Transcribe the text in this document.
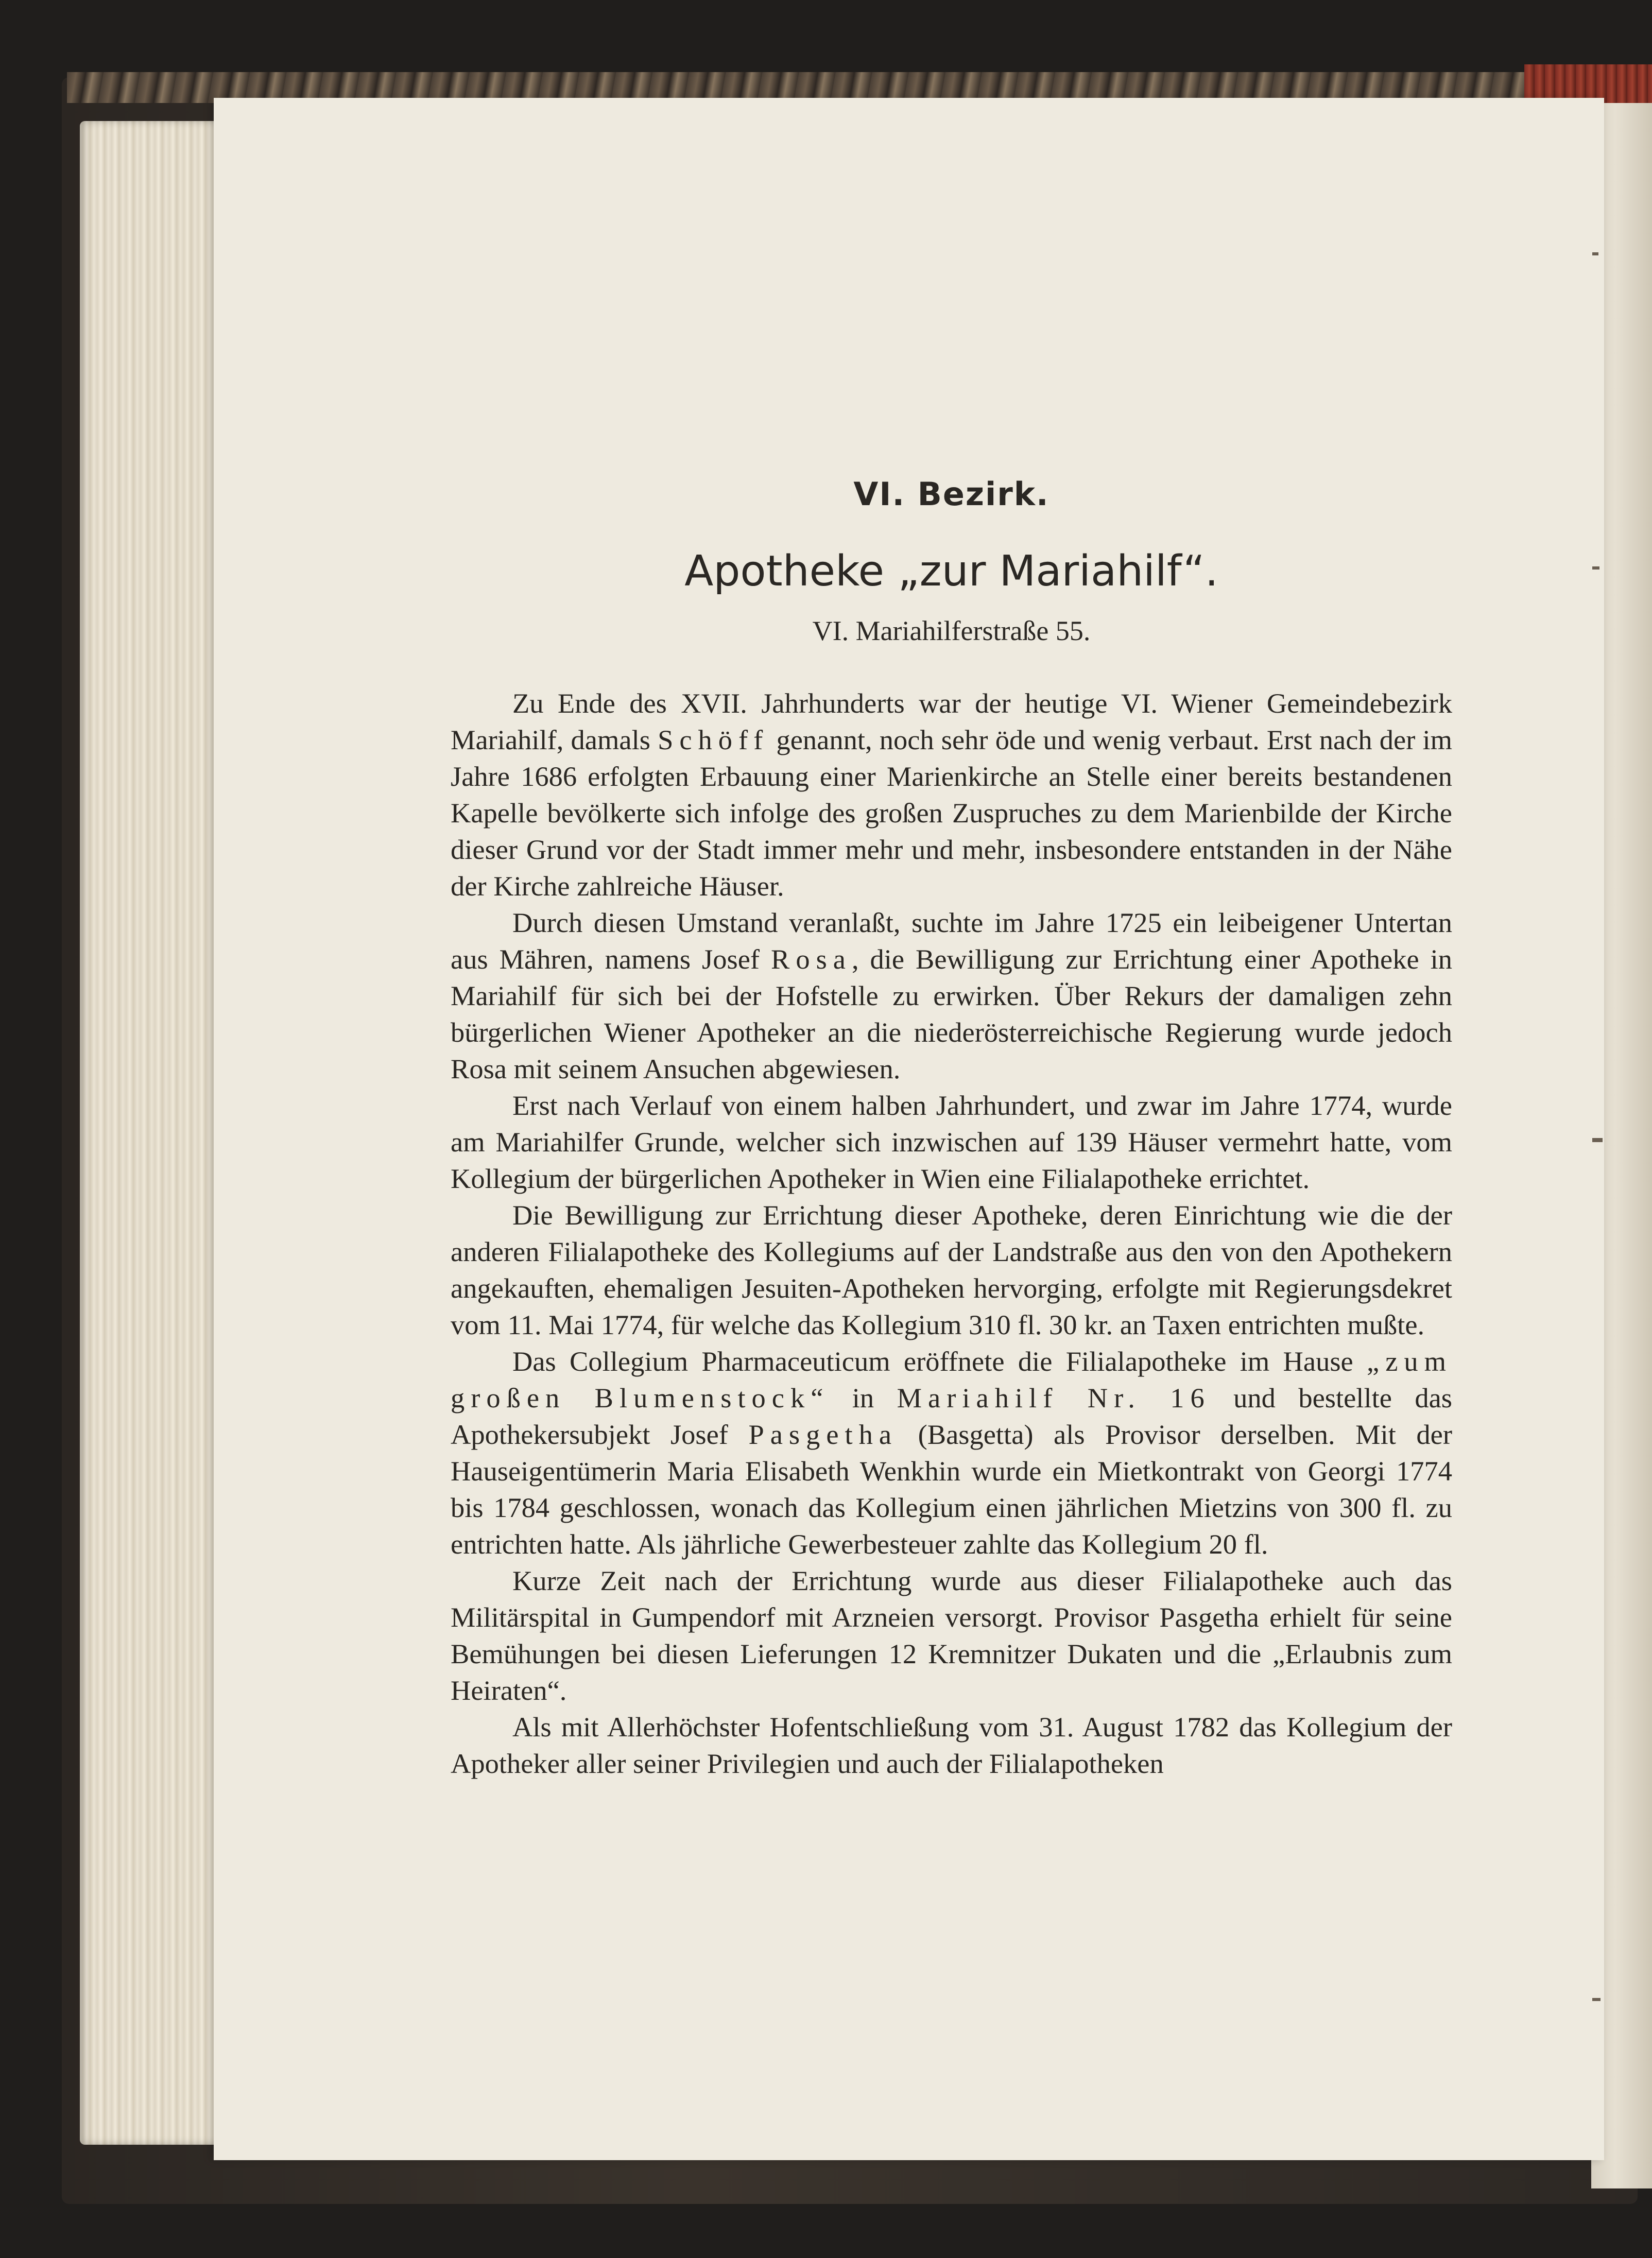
VI. Bezirk.
Apotheke „zur Mariahilf“.
VI. Mariahilferstraße 55.

Zu Ende des XVII. Jahrhunderts war der heutige VI. Wiener Gemeindebezirk Mariahilf, damals Schöff genannt, noch sehr öde und wenig verbaut. Erst nach der im Jahre 1686 erfolgten Erbauung einer Marienkirche an Stelle einer bereits bestandenen Kapelle bevölkerte sich infolge des großen Zuspruches zu dem Marienbilde der Kirche dieser Grund vor der Stadt immer mehr und mehr, insbesondere entstanden in der Nähe der Kirche zahlreiche Häuser.

Durch diesen Umstand veranlaßt, suchte im Jahre 1725 ein leibeigener Untertan aus Mähren, namens Josef Rosa, die Bewilligung zur Errichtung einer Apotheke in Mariahilf für sich bei der Hofstelle zu erwirken. Über Rekurs der damaligen zehn bürgerlichen Wiener Apotheker an die niederösterreichische Regierung wurde jedoch Rosa mit seinem Ansuchen abgewiesen.

Erst nach Verlauf von einem halben Jahrhundert, und zwar im Jahre 1774, wurde am Mariahilfer Grunde, welcher sich inzwischen auf 139 Häuser vermehrt hatte, vom Kollegium der bürgerlichen Apotheker in Wien eine Filialapotheke errichtet.

Die Bewilligung zur Errichtung dieser Apotheke, deren Einrichtung wie die der anderen Filialapotheke des Kollegiums auf der Landstraße aus den von den Apothekern angekauften, ehemaligen Jesuiten-Apotheken hervorging, erfolgte mit Regierungsdekret vom 11. Mai 1774, für welche das Kollegium 310 fl. 30 kr. an Taxen entrichten mußte.

Das Collegium Pharmaceuticum eröffnete die Filialapotheke im Hause „zum großen Blumenstock“ in Mariahilf Nr. 16 und bestellte das Apothekersubjekt Josef Pasgetha (Basgetta) als Provisor derselben. Mit der Hauseigentümerin Maria Elisabeth Wenkhin wurde ein Mietkontrakt von Georgi 1774 bis 1784 geschlossen, wonach das Kollegium einen jährlichen Mietzins von 300 fl. zu entrichten hatte. Als jährliche Gewerbesteuer zahlte das Kollegium 20 fl.

Kurze Zeit nach der Errichtung wurde aus dieser Filialapotheke auch das Militärspital in Gumpendorf mit Arzneien versorgt. Provisor Pasgetha erhielt für seine Bemühungen bei diesen Lieferungen 12 Kremnitzer Dukaten und die „Erlaubnis zum Heiraten“.

Als mit Allerhöchster Hofentschließung vom 31. August 1782 das Kollegium der Apotheker aller seiner Privilegien und auch der Filialapotheken
